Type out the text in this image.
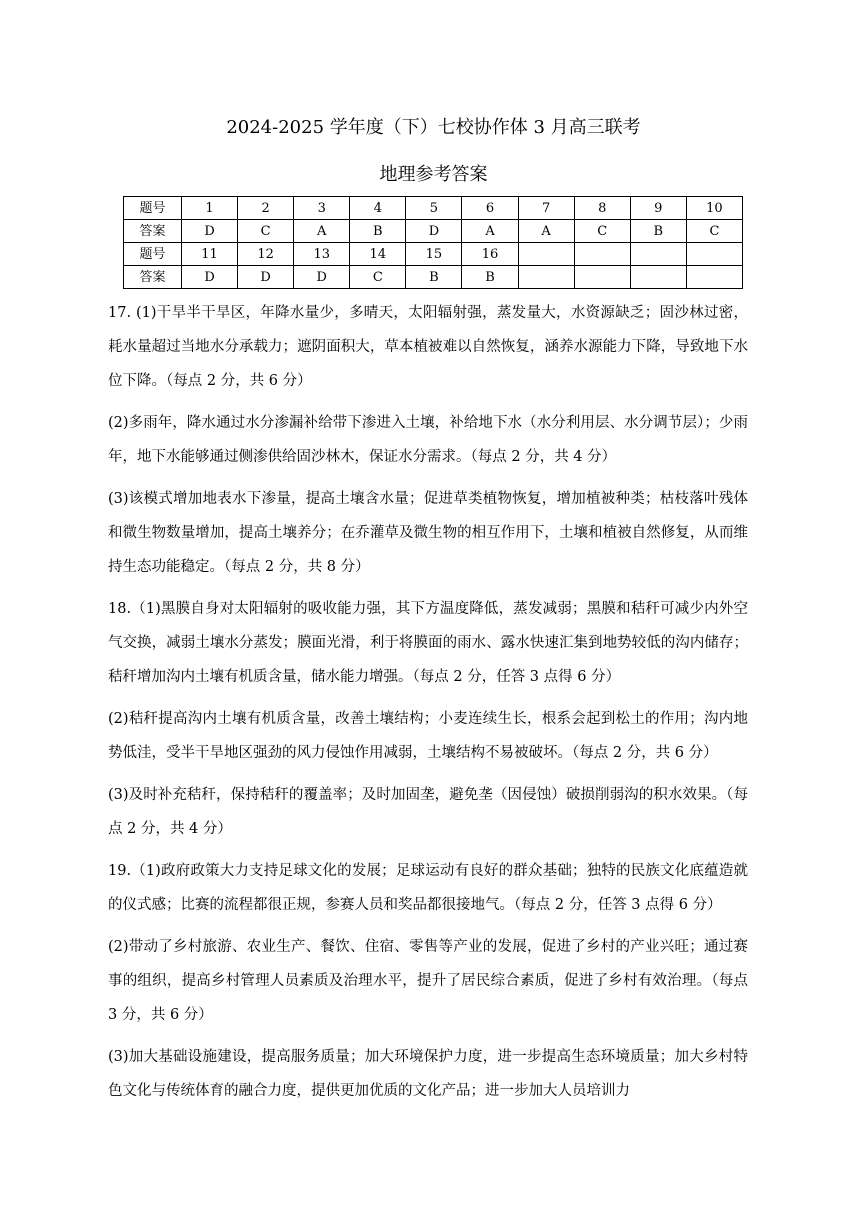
2024-2025 学年度（下）七校协作体 3 月高三联考
地理参考答案
题号	1	2	3	4	5	6	7	8	9	10
答案	D	C	A	B	D	A	A	C	B	C
题号	11	12	13	14	15	16				
答案	D	D	D	C	B	B				

17. (1)干旱半干旱区，年降水量少，多晴天，太阳辐射强，蒸发量大，水资源缺乏；固沙林过密，耗水量超过当地水分承载力；遮阴面积大，草本植被难以自然恢复，涵养水源能力下降，导致地下水位下降。（每点 2 分，共 6 分）

(2)多雨年，降水通过水分渗漏补给带下渗进入土壤，补给地下水（水分利用层、水分调节层）；少雨年，地下水能够通过侧渗供给固沙林木，保证水分需求。（每点 2 分，共 4 分）

(3)该模式增加地表水下渗量，提高土壤含水量；促进草类植物恢复，增加植被种类；枯枝落叶残体和微生物数量增加，提高土壤养分；在乔灌草及微生物的相互作用下，土壤和植被自然修复，从而维持生态功能稳定。（每点 2 分，共 8 分）

18.（1)黑膜自身对太阳辐射的吸收能力强，其下方温度降低，蒸发减弱；黑膜和秸秆可减少内外空气交换，减弱土壤水分蒸发；膜面光滑，利于将膜面的雨水、露水快速汇集到地势较低的沟内储存；秸秆增加沟内土壤有机质含量，储水能力增强。（每点 2 分，任答 3 点得 6 分）

(2)秸秆提高沟内土壤有机质含量，改善土壤结构；小麦连续生长，根系会起到松土的作用；沟内地势低洼，受半干旱地区强劲的风力侵蚀作用减弱，土壤结构不易被破坏。（每点 2 分，共 6 分）

(3)及时补充秸秆，保持秸秆的覆盖率；及时加固垄，避免垄（因侵蚀）破损削弱沟的积水效果。（每点 2 分，共 4 分）

19.（1)政府政策大力支持足球文化的发展；足球运动有良好的群众基础；独特的民族文化底蕴造就的仪式感；比赛的流程都很正规，参赛人员和奖品都很接地气。（每点 2 分，任答 3 点得 6 分）

(2)带动了乡村旅游、农业生产、餐饮、住宿、零售等产业的发展，促进了乡村的产业兴旺；通过赛事的组织，提高乡村管理人员素质及治理水平，提升了居民综合素质，促进了乡村有效治理。（每点 3 分，共 6 分）

(3)加大基础设施建设，提高服务质量；加大环境保护力度，进一步提高生态环境质量；加大乡村特色文化与传统体育的融合力度，提供更加优质的文化产品；进一步加大人员培训力
